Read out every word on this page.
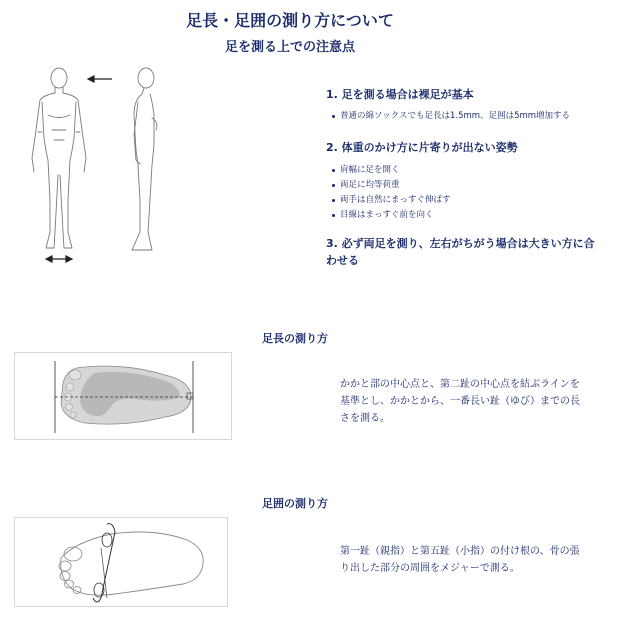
足長・足囲の測り方について
足を測る上での注意点
1. 足を測る場合は裸足が基本
普通の綿ソックスでも足長は1.5mm、足囲は5mm増加する
2. 体重のかけ方に片寄りが出ない姿勢
肩幅に足を開く
両足に均等荷重
両手は自然にまっすぐ伸ばす
目線はまっすぐ前を向く
3. 必ず両足を測り、左右がちがう場合は大きい方に合
わせる
足長の測り方
かかと部の中心点と、第二趾の中心点を結ぶラインを
基準とし、かかとから、一番長い趾（ゆび）までの長
さを測る。
足囲の測り方
第一趾（親指）と第五趾（小指）の付け根の、骨の張
り出した部分の周囲をメジャーで測る。
